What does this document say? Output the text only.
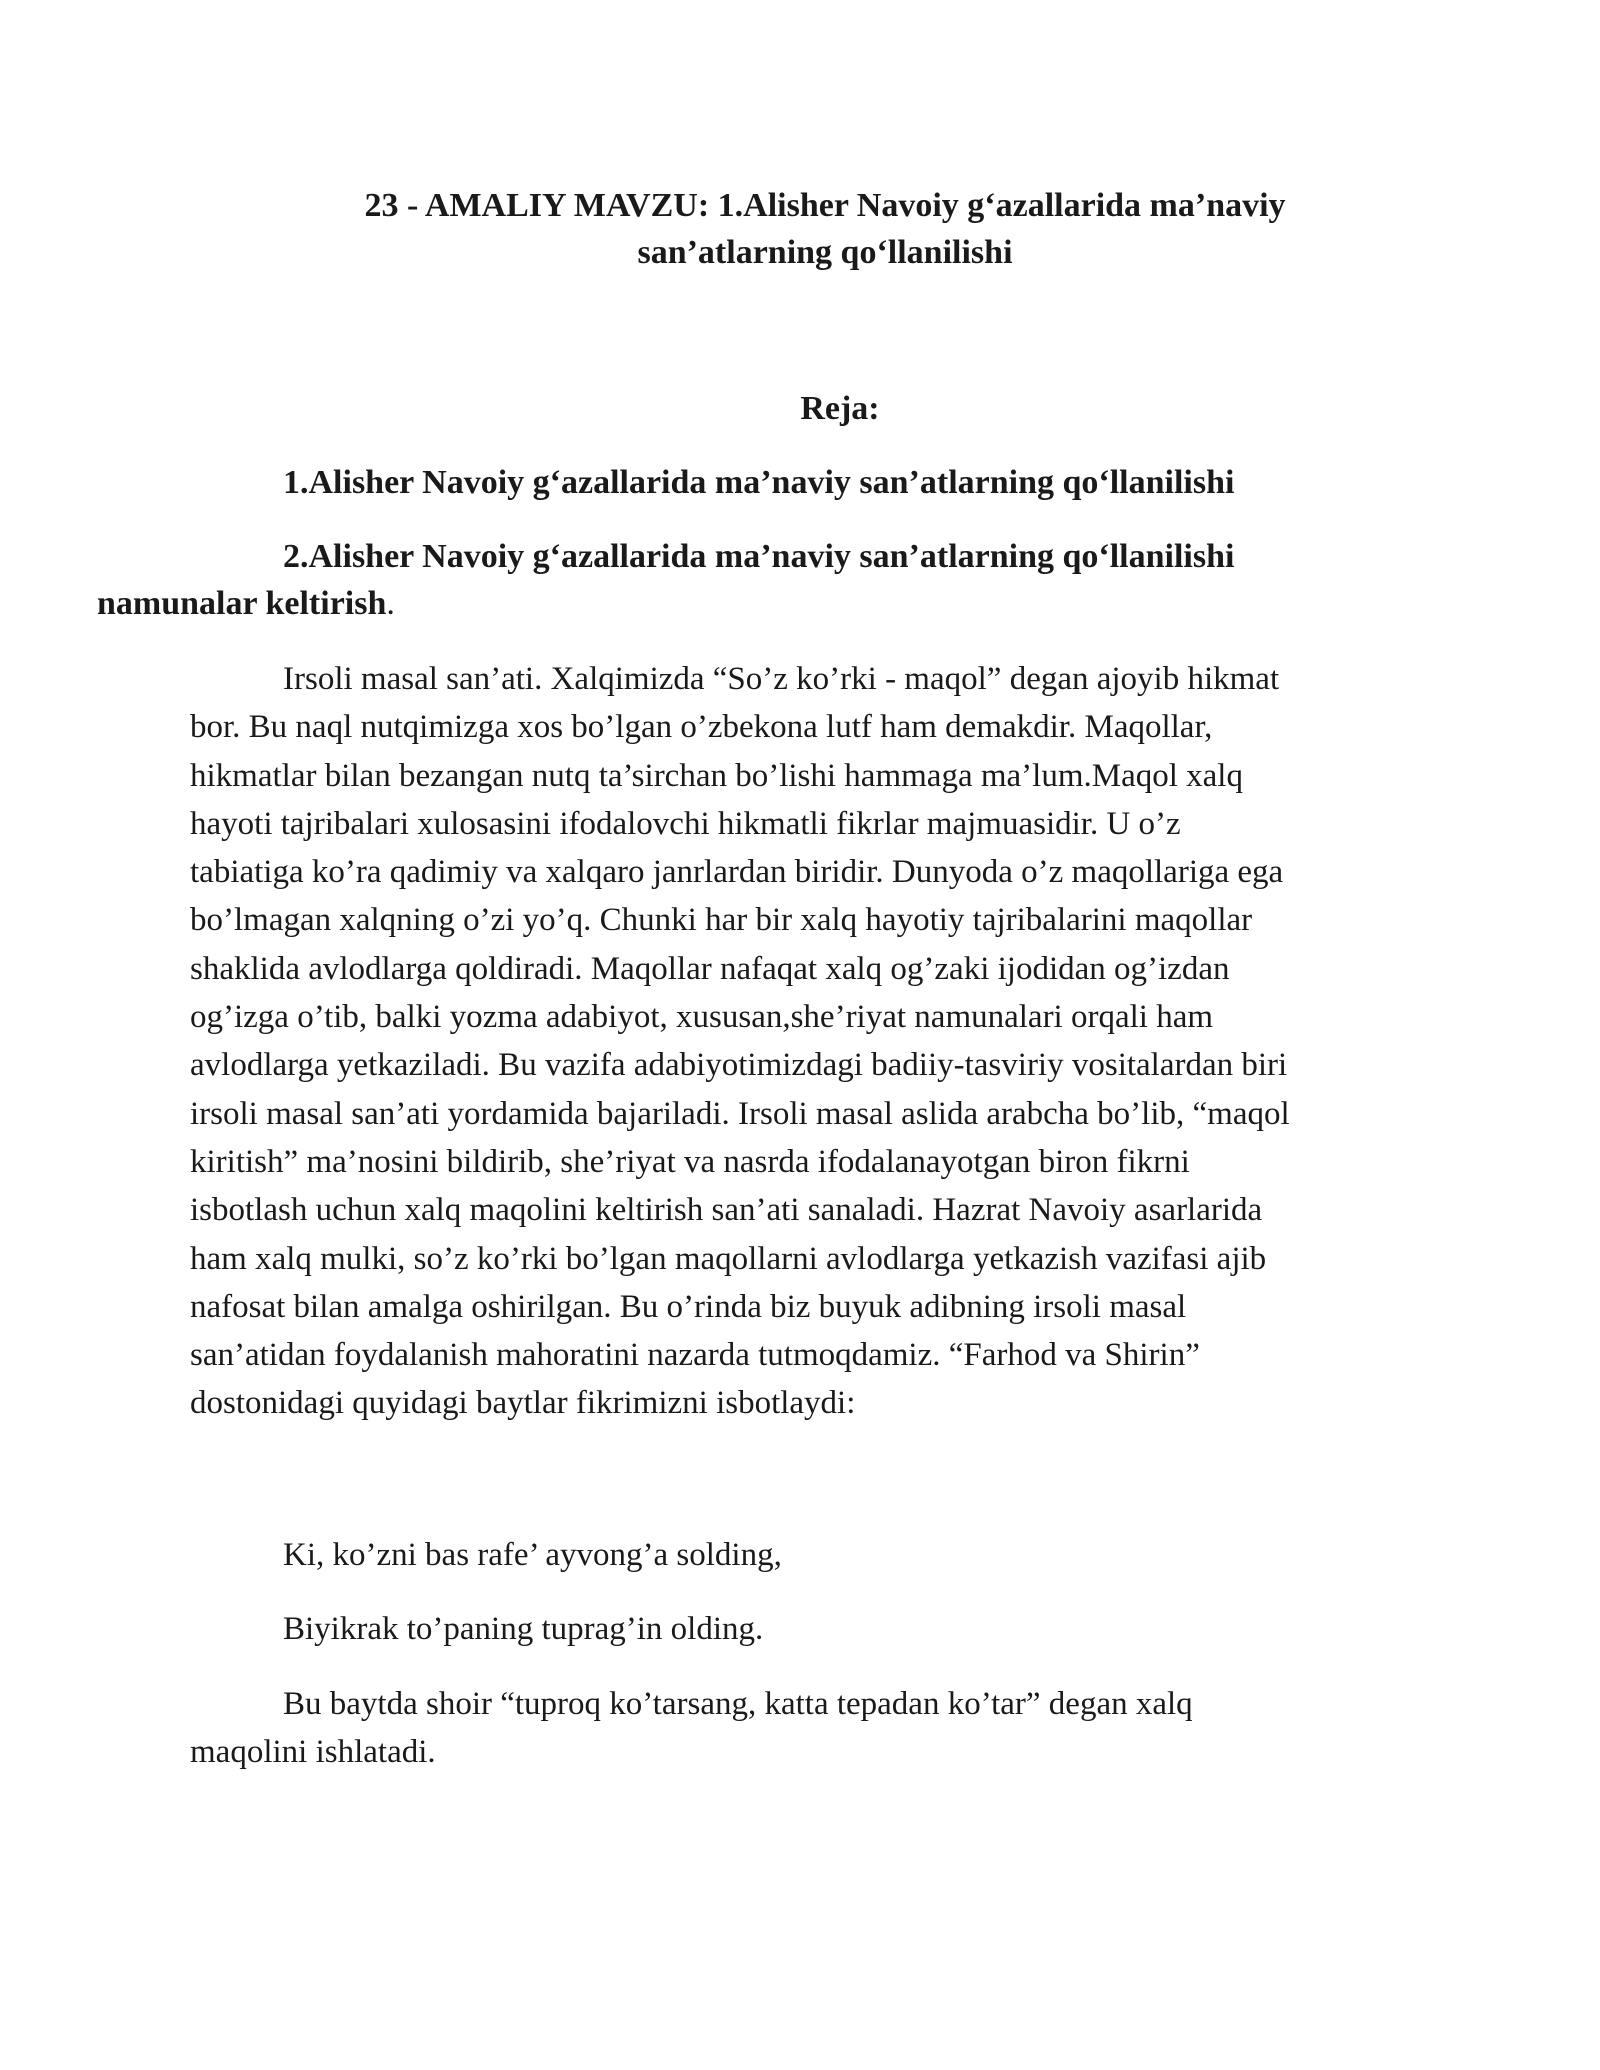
23 - AMALIY MAVZU: 1.Alisher Navoiy g‘azallarida ma’naviy
san’atlarning qo‘llanilishi
Reja:
1.Alisher Navoiy g‘azallarida ma’naviy san’atlarning qo‘llanilishi
2.Alisher Navoiy g‘azallarida ma’naviy san’atlarning qo‘llanilishi
namunalar keltirish.
Irsoli masal san’ati. Xalqimizda “So’z ko’rki - maqol” degan ajoyib hikmat
bor. Bu naql nutqimizga xos bo’lgan o’zbekona lutf ham demakdir. Maqollar,
hikmatlar bilan bezangan nutq ta’sirchan bo’lishi hammaga ma’lum.Maqol xalq
hayoti tajribalari xulosasini ifodalovchi hikmatli fikrlar majmuasidir. U o’z
tabiatiga ko’ra qadimiy va xalqaro janrlardan biridir. Dunyoda o’z maqollariga ega
bo’lmagan xalqning o’zi yo’q. Chunki har bir xalq hayotiy tajribalarini maqollar
shaklida avlodlarga qoldiradi. Maqollar nafaqat xalq og’zaki ijodidan og’izdan
og’izga o’tib, balki yozma adabiyot, xususan,she’riyat namunalari orqali ham
avlodlarga yetkaziladi. Bu vazifa adabiyotimizdagi badiiy-tasviriy vositalardan biri
irsoli masal san’ati yordamida bajariladi. Irsoli masal aslida arabcha bo’lib, “maqol
kiritish” ma’nosini bildirib, she’riyat va nasrda ifodalanayotgan biron fikrni
isbotlash uchun xalq maqolini keltirish san’ati sanaladi. Hazrat Navoiy asarlarida
ham xalq mulki, so’z ko’rki bo’lgan maqollarni avlodlarga yetkazish vazifasi ajib
nafosat bilan amalga oshirilgan. Bu o’rinda biz buyuk adibning irsoli masal
san’atidan foydalanish mahoratini nazarda tutmoqdamiz. “Farhod va Shirin”
dostonidagi quyidagi baytlar fikrimizni isbotlaydi:
Ki, ko’zni bas rafe’ ayvong’a solding,
Biyikrak to’paning tuprag’in olding.
Bu baytda shoir “tuproq ko’tarsang, katta tepadan ko’tar” degan xalq
maqolini ishlatadi.
